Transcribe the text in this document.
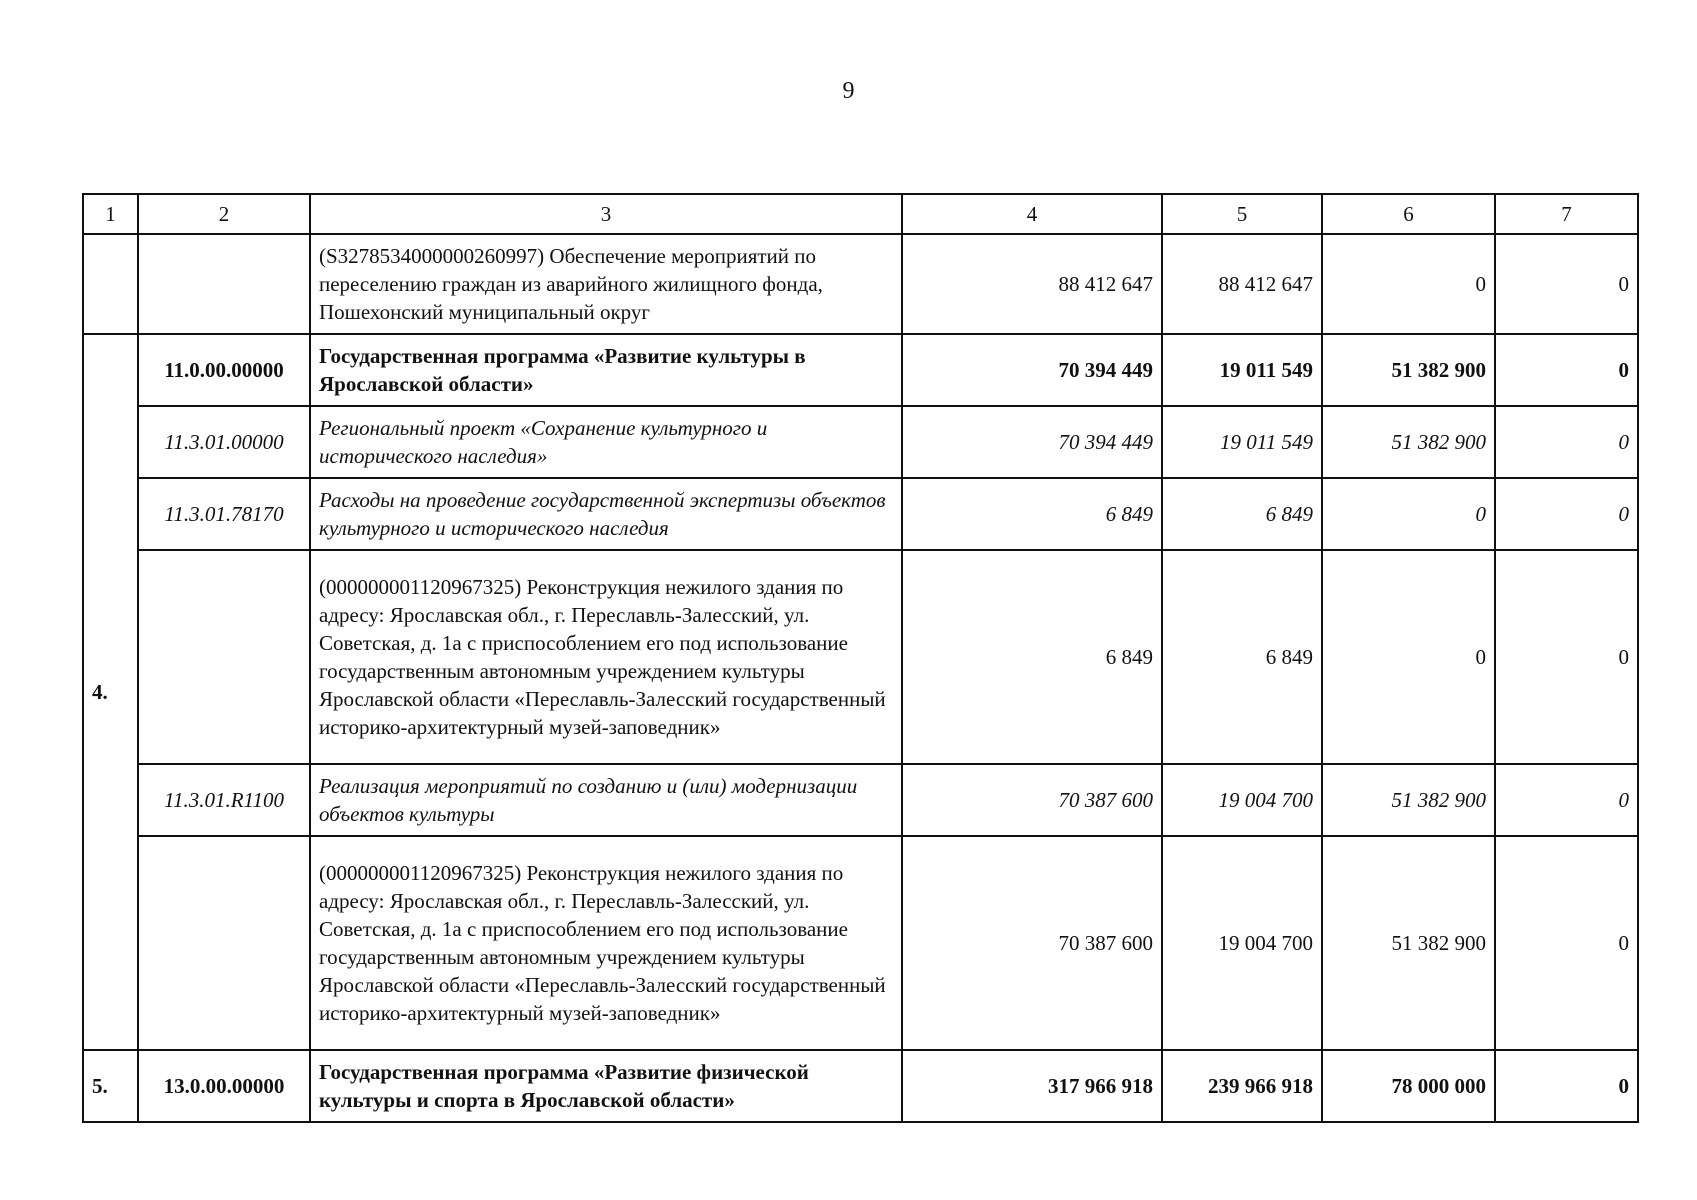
9
1	2	3	4	5	6	7
		(S3278534000000260997) Обеспечение мероприятий по переселению граждан из аварийного жилищного фонда, Пошехонский муниципальный округ	88 412 647	88 412 647	0	0
4.	11.0.00.00000	Государственная программа «Развитие культуры в Ярославской области»	70 394 449	19 011 549	51 382 900	0
	11.3.01.00000	Региональный проект «Сохранение культурного и исторического наследия»	70 394 449	19 011 549	51 382 900	0
	11.3.01.78170	Расходы на проведение государственной экспертизы объектов культурного и исторического наследия	6 849	6 849	0	0
		(000000001120967325) Реконструкция нежилого здания по адресу: Ярославская обл., г. Переславль-Залесский, ул. Советская, д. 1а с приспособлением его под использование государственным автономным учреждением культуры Ярославской области «Переславль-Залесский государственный историко-архитектурный музей-заповедник»	6 849	6 849	0	0
	11.3.01.R1100	Реализация мероприятий по созданию и (или) модернизации объектов культуры	70 387 600	19 004 700	51 382 900	0
		(000000001120967325) Реконструкция нежилого здания по адресу: Ярославская обл., г. Переславль-Залесский, ул. Советская, д. 1а с приспособлением его под использование государственным автономным учреждением культуры Ярославской области «Переславль-Залесский государственный историко-архитектурный музей-заповедник»	70 387 600	19 004 700	51 382 900	0
5.	13.0.00.00000	Государственная программа «Развитие физической культуры и спорта в Ярославской области»	317 966 918	239 966 918	78 000 000	0
